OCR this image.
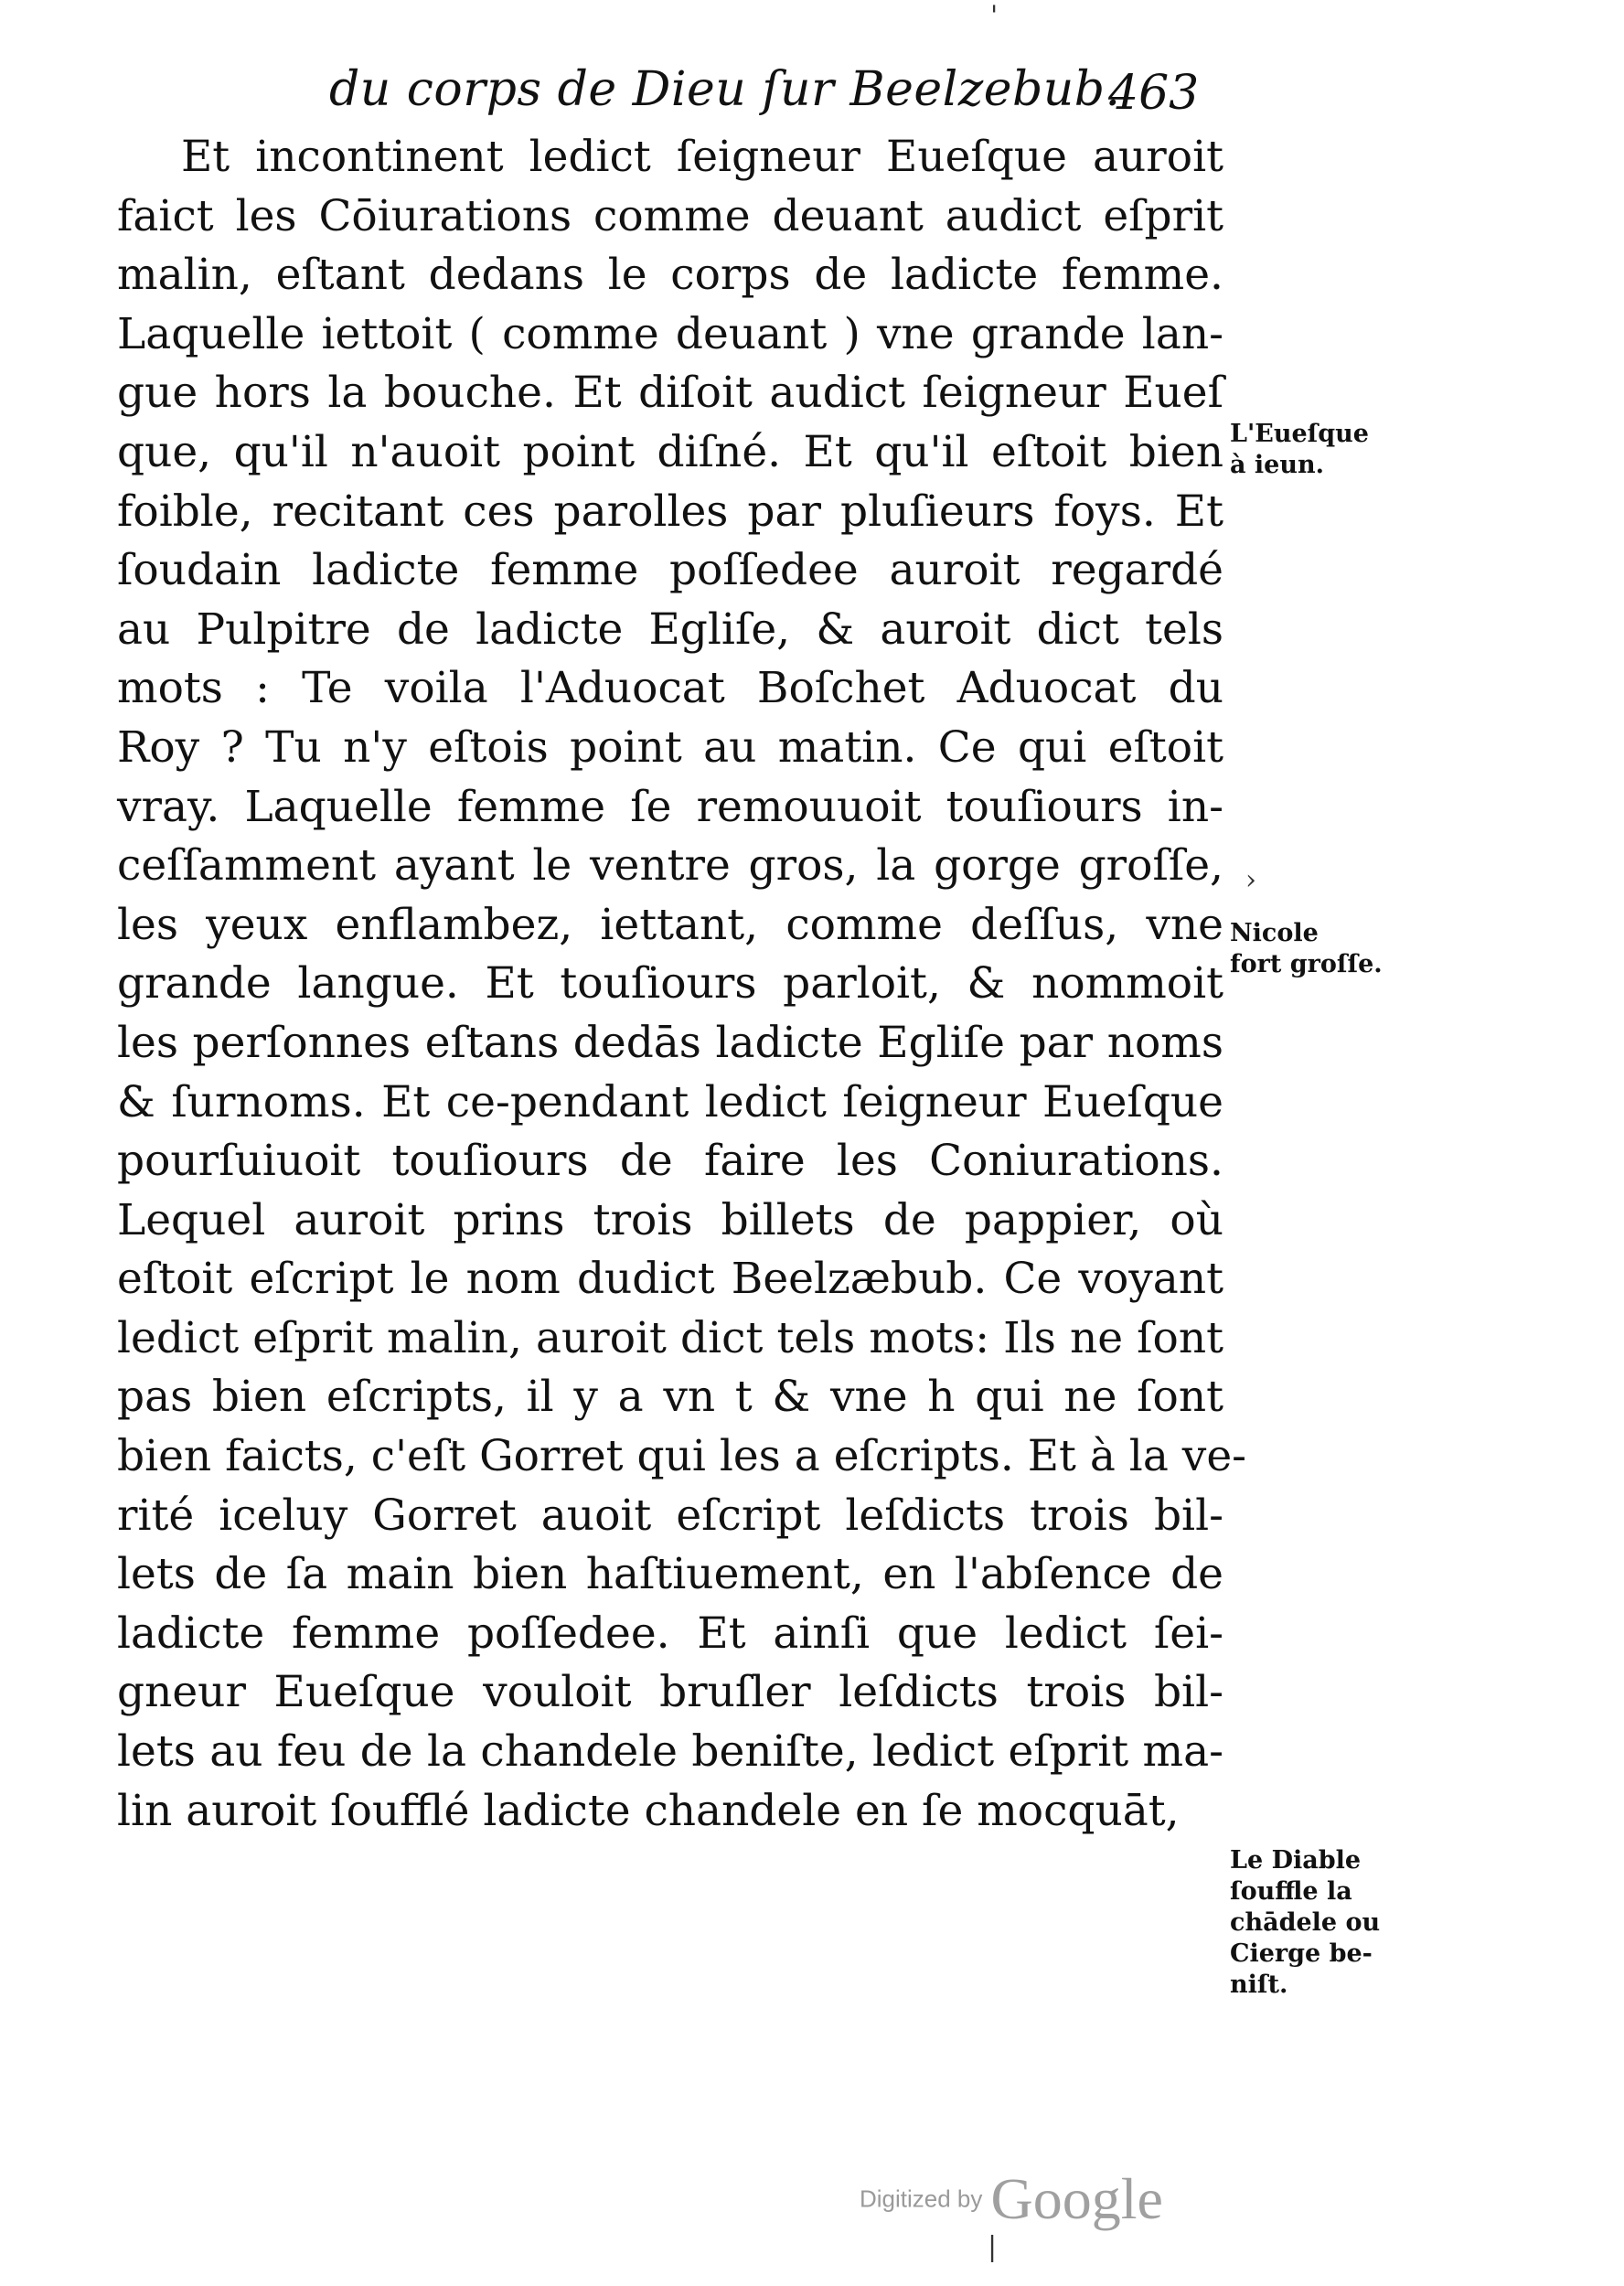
du corps de Dieu ſur Beelzebub.
463
Et incontinent ledict ſeigneur Eueſque auroit
faict les Cōiurations comme deuant audict eſprit
malin, eſtant dedans le corps de ladicte femme.
Laquelle iettoit ( comme deuant ) vne grande lan-
gue hors la bouche. Et diſoit audict ſeigneur Eueſ
que, qu'il n'auoit point diſné. Et qu'il eſtoit bien
foible, recitant ces parolles par pluſieurs foys. Et
ſoudain ladicte femme poſſedee auroit regardé
au Pulpitre de ladicte Egliſe, & auroit dict tels
mots : Te voila l'Aduocat Boſchet Aduocat du
Roy ? Tu n'y eſtois point au matin. Ce qui eſtoit
vray. Laquelle femme ſe remouuoit touſiours in-
ceſſamment ayant le ventre gros, la gorge groſſe,
les yeux enflambez, iettant, comme deſſus, vne
grande langue. Et touſiours parloit, & nommoit
les perſonnes eſtans dedās ladicte Egliſe par noms
& ſurnoms. Et ce-pendant ledict ſeigneur Eueſque
pourſuiuoit touſiours de faire les Coniurations.
Lequel auroit prins trois billets de pappier, où
eſtoit eſcript le nom dudict Beelzæbub. Ce voyant
ledict eſprit malin, auroit dict tels mots: Ils ne ſont
pas bien eſcripts, il y a vn t & vne h qui ne ſont
bien faicts, c'eſt Gorret qui les a eſcripts. Et à la ve-
rité iceluy Gorret auoit eſcript leſdicts trois bil-
lets de ſa main bien haſtiuement, en l'abſence de
ladicte femme poſſedee. Et ainſi que ledict ſei-
gneur Eueſque vouloit bruſler leſdicts trois bil-
lets au feu de la chandele beniſte, ledict eſprit ma-
lin auroit ſoufflé ladicte chandele en ſe mocquāt,
L'Eueſque
à ieun.
Nicole
fort groſſe.
Le Diable
ſouffle la
chādele ou
Cierge be-
niſt.
'
›
|
Digitized by Google
